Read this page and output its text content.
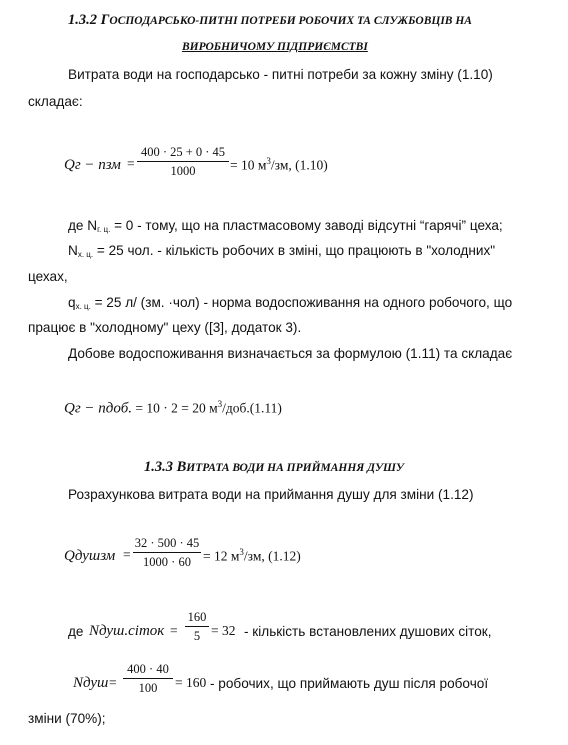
1.3.2 ГОСПОДАРСЬКО-ПИТНІ ПОТРЕБИ РОБОЧИХ ТА СЛУЖБОВЦІВ НА
ВИРОБНИЧОМУ ПІДПРИЄМСТВІ
Витрата води на господарсько - питні потреби за кожну зміну (1.10)
складає:
Qг − пзм =
400 · 25 + 0 · 45
1000	= 10 $м^3/зм$, (1.10)
де $N_{г. ц.} = 0$ - тому, що на пластмасовому заводі відсутні “гарячі” цеха;
$N_{х. ц.} = 25$ чол. - кількість робочих в зміні, що працюють в "холодних"
цехах,
$q_{х. ц.} = 25$ л/ (зм. ·чол) - норма водоспоживання на одного робочого, що
працює в "холодному" цеху ([3], додаток 3).
Добове водоспоживання визначається за формулою (1.11) та складає
Qг − пдоб. = 10 · 2 = 20 $м^3/доб.(1.11)$
1.3.3 ВИТРАТА ВОДИ НА ПРИЙМАННЯ ДУШУ
Розрахункова витрата води на приймання душу для зміни (1.12)
Qдушзм =
32 · 500 · 45
1000 · 60 = 12 $м^3/зм$, (1.12)
де Nдуш.сіток =
160
5 = 32 - кількість встановлених душових сіток,
Nдуш =
400 · 40
100	= 160 - робочих, що приймають душ після робочої
зміни (70%);
